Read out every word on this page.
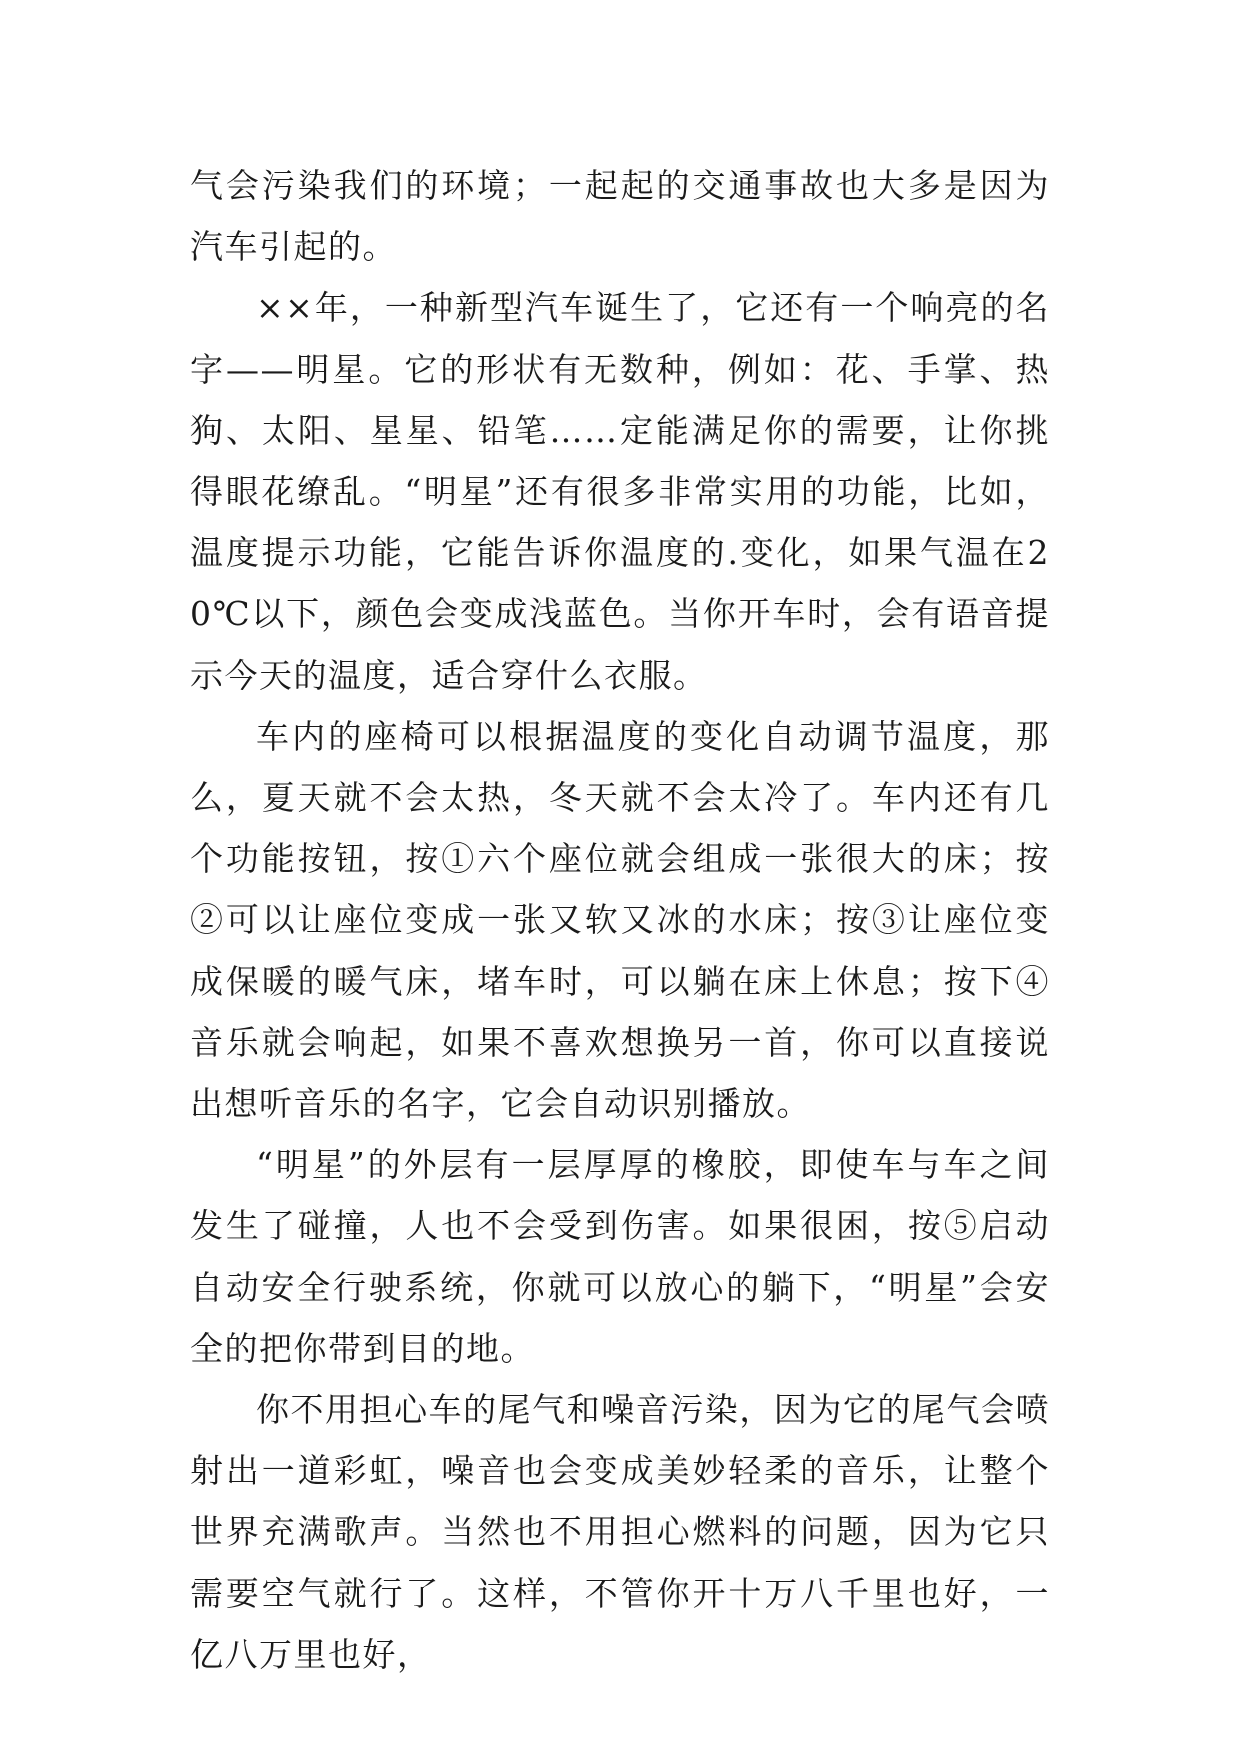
气会污染我们的环境；一起起的交通事故也大多是因为汽车引起的。

××年，一种新型汽车诞生了，它还有一个响亮的名字——明星。它的形状有无数种，例如：花、手掌、热狗、太阳、星星、铅笔……定能满足你的需要，让你挑得眼花缭乱。“明星”还有很多非常实用的功能，比如，温度提示功能，它能告诉你温度的.变化，如果气温在20℃以下，颜色会变成浅蓝色。当你开车时，会有语音提示今天的温度，适合穿什么衣服。

车内的座椅可以根据温度的变化自动调节温度，那么，夏天就不会太热，冬天就不会太冷了。车内还有几个功能按钮，按①六个座位就会组成一张很大的床；按②可以让座位变成一张又软又冰的水床；按③让座位变成保暖的暖气床，堵车时，可以躺在床上休息；按下④音乐就会响起，如果不喜欢想换另一首，你可以直接说出想听音乐的名字，它会自动识别播放。

“明星”的外层有一层厚厚的橡胶，即使车与车之间发生了碰撞，人也不会受到伤害。如果很困，按⑤启动自动安全行驶系统，你就可以放心的躺下，“明星”会安全的把你带到目的地。

你不用担心车的尾气和噪音污染，因为它的尾气会喷射出一道彩虹，噪音也会变成美妙轻柔的音乐，让整个世界充满歌声。当然也不用担心燃料的问题，因为它只需要空气就行了。这样，不管你开十万八千里也好，一亿八万里也好，
